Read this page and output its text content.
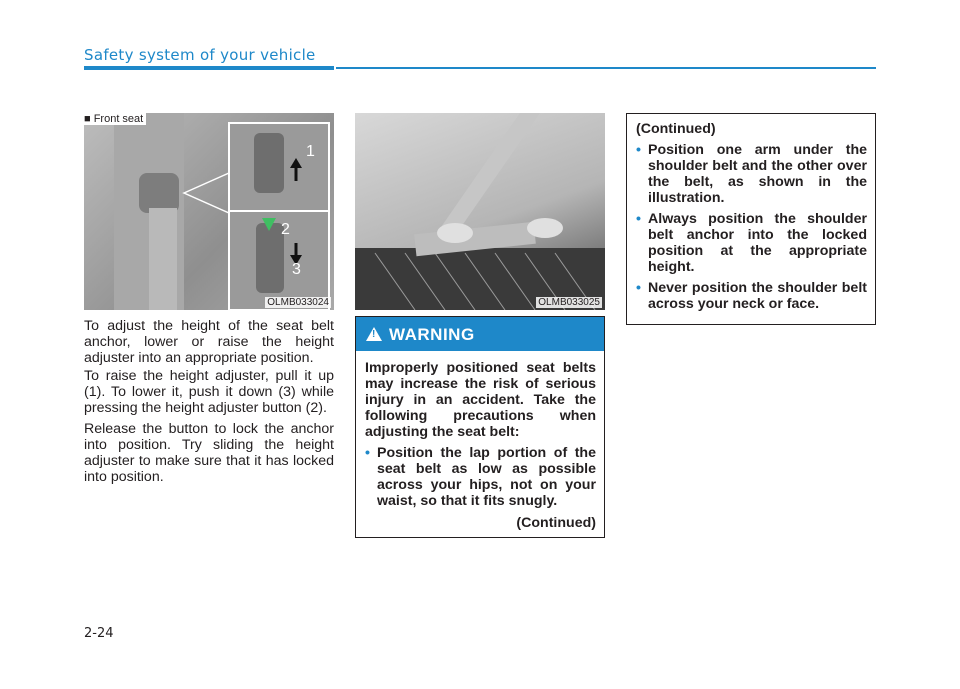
Safety system of your vehicle
1
2
3
OLMB033024
■ Front seat
OLMB033025
To adjust the height of the seat belt anchor, lower or raise the height adjuster into an appropriate position.
To raise the height adjuster, pull it up (1). To lower it, push it down (3) while pressing the height adjuster button (2).
Release the button to lock the anchor into position. Try sliding the height adjuster to make sure that it has locked into position.
! WARNING
Improperly positioned seat belts may increase the risk of serious injury in an accident. Take the following precautions when adjusting the seat belt:
• Position the lap portion of the seat belt as low as possible across your hips, not on your waist, so that it fits snugly.
(Continued)
(Continued)
• Position one arm under the shoulder belt and the other over the belt, as shown in the illustration.
• Always position the shoulder belt anchor into the locked position at the appropriate height.
• Never position the shoulder belt across your neck or face.
2-24
